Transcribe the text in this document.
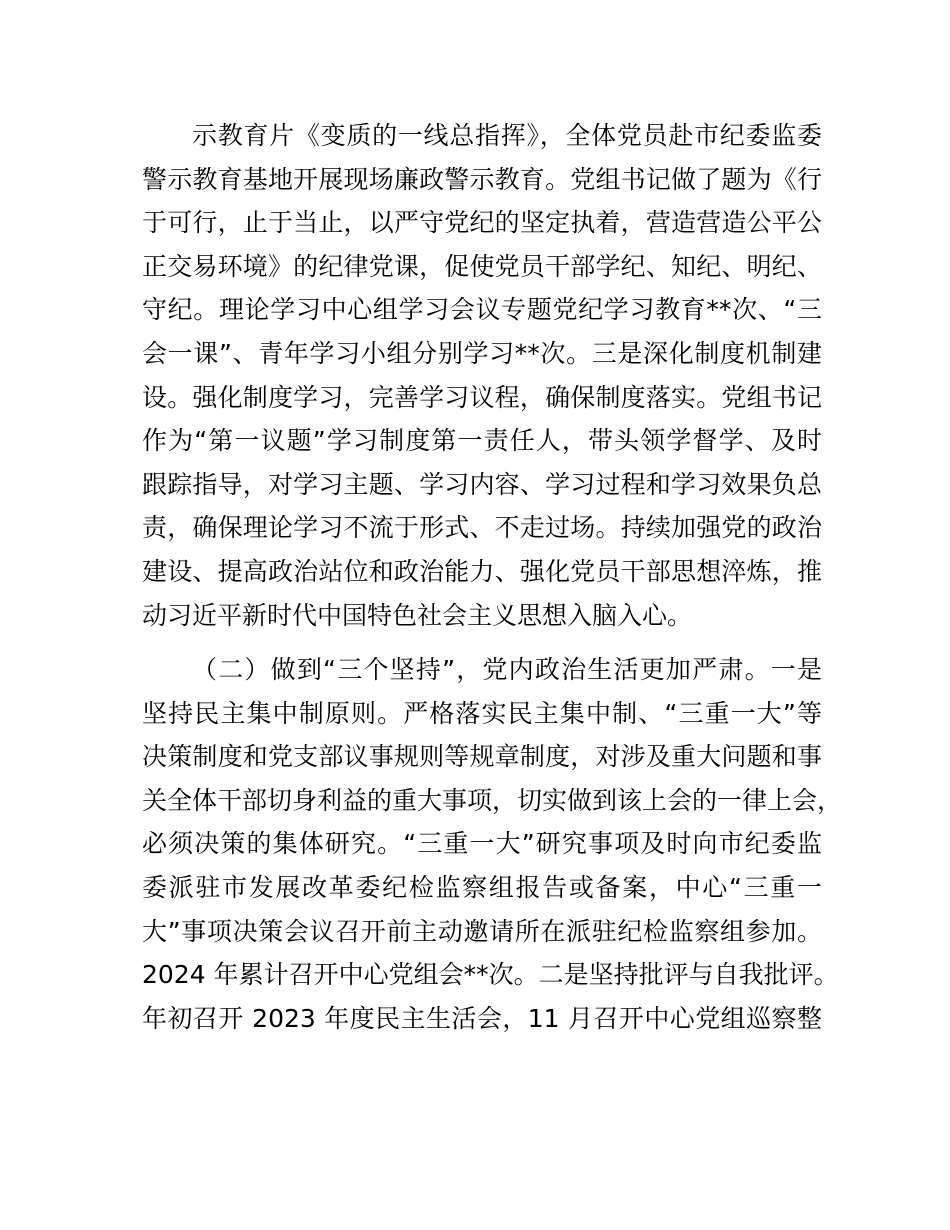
示教育片《变质的一线总指挥》，全体党员赴市纪委监委
警示教育基地开展现场廉政警示教育。党组书记做了题为《行
于可行，止于当止，以严守党纪的坚定执着，营造营造公平公
正交易环境》的纪律党课，促使党员干部学纪、知纪、明纪、
守纪。理论学习中心组学习会议专题党纪学习教育**次、“三
会一课”、青年学习小组分别学习**次。三是深化制度机制建
设。强化制度学习，完善学习议程，确保制度落实。党组书记
作为“第一议题”学习制度第一责任人，带头领学督学、及时
跟踪指导，对学习主题、学习内容、学习过程和学习效果负总
责，确保理论学习不流于形式、不走过场。持续加强党的政治
建设、提高政治站位和政治能力、强化党员干部思想淬炼，推
动习近平新时代中国特色社会主义思想入脑入心。
（二）做到“三个坚持”，党内政治生活更加严肃。一是
坚持民主集中制原则。严格落实民主集中制、“三重一大”等
决策制度和党支部议事规则等规章制度，对涉及重大问题和事
关全体干部切身利益的重大事项，切实做到该上会的一律上会，
必须决策的集体研究。“三重一大”研究事项及时向市纪委监
委派驻市发展改革委纪检监察组报告或备案，中心“三重一
大”事项决策会议召开前主动邀请所在派驻纪检监察组参加。
2024 年累计召开中心党组会**次。二是坚持批评与自我批评。
年初召开 2023 年度民主生活会，11 月召开中心党组巡察整
